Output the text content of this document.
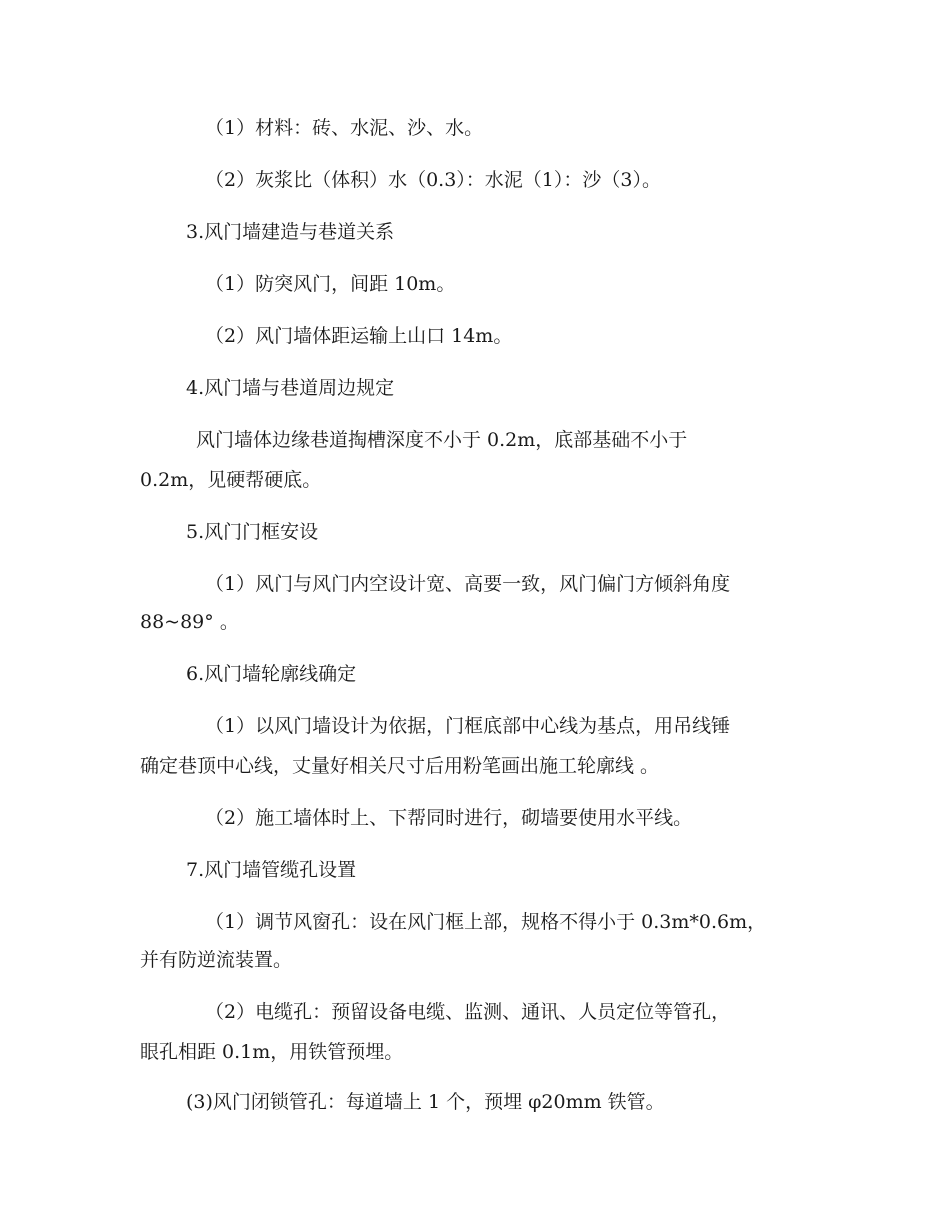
（1）材料：砖、水泥、沙、水。

（2）灰浆比（体积）水（0.3）：水泥（1）：沙（3）。

3.风门墙建造与巷道关系

（1）防突风门，间距 10m。

（2）风门墙体距运输上山口 14m。

4.风门墙与巷道周边规定

风门墙体边缘巷道掏槽深度不小于 0.2m，底部基础不小于

0.2m，见硬帮硬底。

5.风门门框安设

（1）风门与风门内空设计宽、高要一致，风门偏门方倾斜角度

88~89° 。

6.风门墙轮廓线确定

（1）以风门墙设计为依据，门框底部中心线为基点，用吊线锤

确定巷顶中心线，丈量好相关尺寸后用粉笔画出施工轮廓线 。

（2）施工墙体时上、下帮同时进行，砌墙要使用水平线。

7.风门墙管缆孔设置

（1）调节风窗孔：设在风门框上部，规格不得小于 0.3m*0.6m，

并有防逆流装置。

（2）电缆孔：预留设备电缆、监测、通讯、人员定位等管孔，

眼孔相距 0.1m，用铁管预埋。

(3)风门闭锁管孔：每道墙上 1 个，预埋 φ20mm 铁管。
